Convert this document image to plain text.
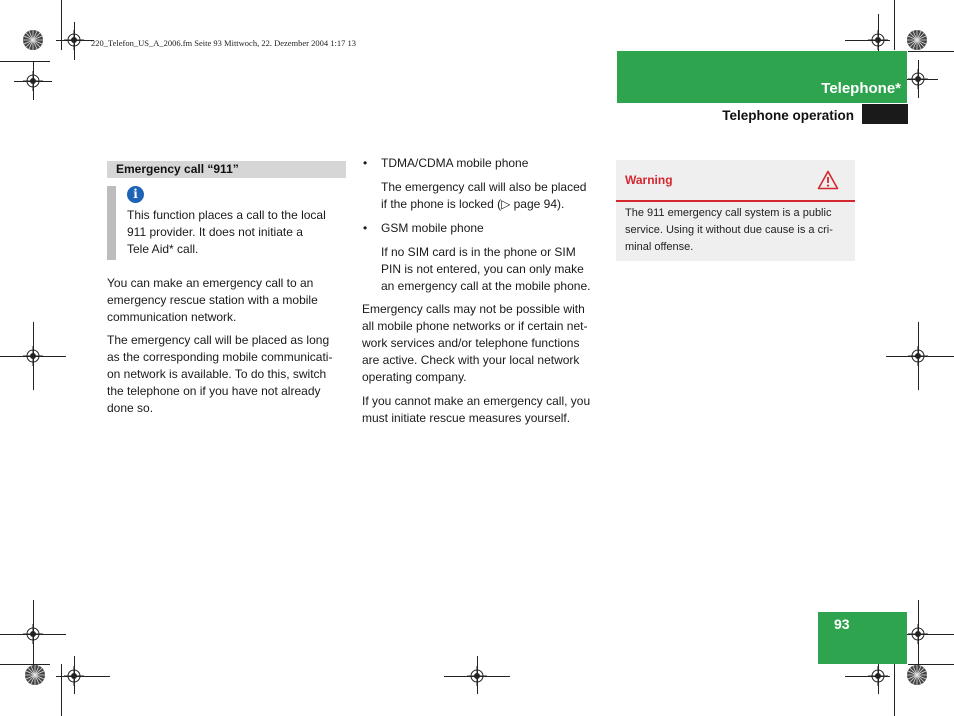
220_Telefon_US_A_2006.fm Seite 93 Mittwoch, 22. Dezember 2004 1:17 13
Telephone*
Telephone operation
Emergency call “911”
i

This function places a call to the local

911 provider. It does not initiate a

Tele Aid* call.

You can make an emergency call to an

emergency rescue station with a mobile

communication network.

The emergency call will be placed as long

as the corresponding mobile communicati-

on network is available. To do this, switch

the telephone on if you have not already

done so.

• TDMA/CDMA mobile phone

The emergency call will also be placed

if the phone is locked (▷ page 94).

• GSM mobile phone

If no SIM card is in the phone or SIM

PIN is not entered, you can only make

an emergency call at the mobile phone.

Emergency calls may not be possible with

all mobile phone networks or if certain net-

work services and/or telephone functions

are active. Check with your local network

operating company.

If you cannot make an emergency call, you

must initiate rescue measures yourself.

Warning
The 911 emergency call system is a public
service. Using it without due cause is a cri-
minal offense.
93
